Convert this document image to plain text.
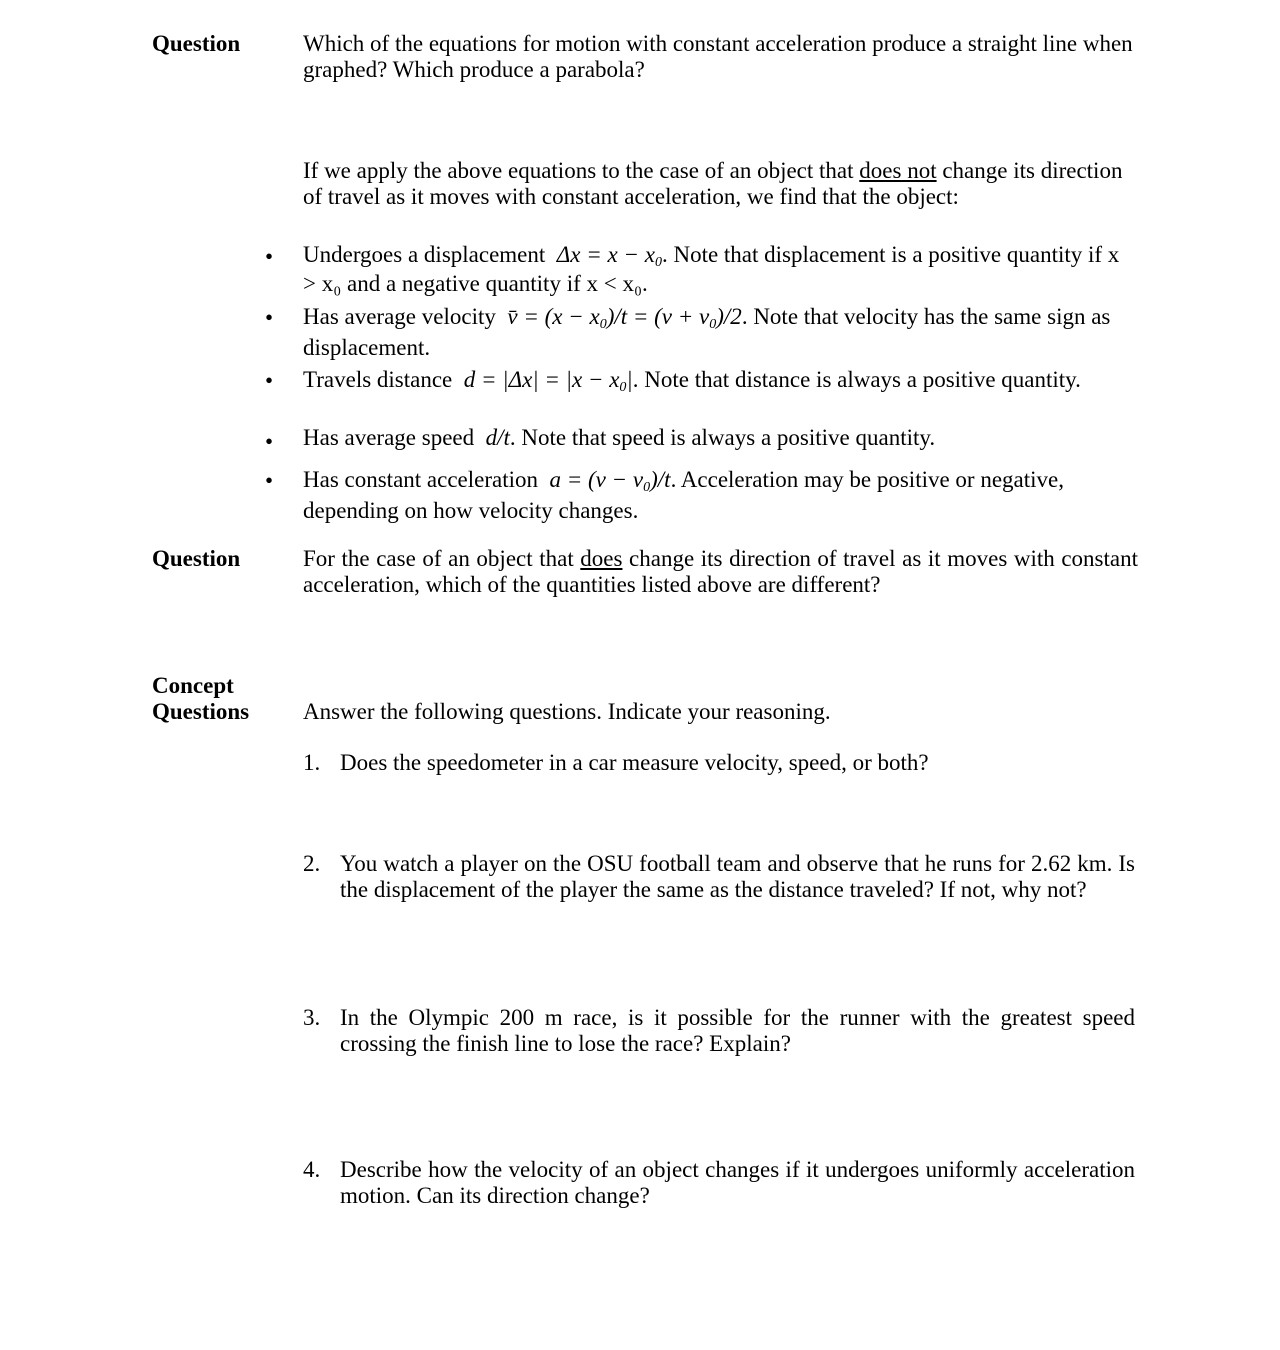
Question	Which of the equations for motion with constant acceleration produce a straight line when graphed? Which produce a parabola?
If we apply the above equations to the case of an object that does not change its direction of travel as it moves with constant acceleration, we find that the object:
•
Undergoes a displacement $\Delta x = x - x_0$. Note that displacement is a positive quantity if x > x₀ and a negative quantity if x < x₀.
•
Has average velocity v̄ = $(x - x_0)/t = (v + v_0)/2$. Note that velocity has the same sign as displacement.
•
Travels distance $d = |\Delta x| = |x - x_0|$. Note that distance is always a positive quantity.
•
Has average speed d/t. Note that speed is always a positive quantity.
•
Has constant acceleration $a = (v - v_0)/t$. Acceleration may be positive or negative, depending on how velocity changes.
Question	For the case of an object that does change its direction of travel as it moves with constant acceleration, which of the quantities listed above are different?
Concept
Questions Answer the following questions. Indicate your reasoning.
1. Does the speedometer in a car measure velocity, speed, or both?
2. You watch a player on the OSU football team and observe that he runs for 2.62 km. Is the displacement of the player the same as the distance traveled? If not, why not?
3. In the Olympic 200 m race, is it possible for the runner with the greatest speed crossing the finish line to lose the race? Explain?
4. Describe how the velocity of an object changes if it undergoes uniformly acceleration motion. Can its direction change?
